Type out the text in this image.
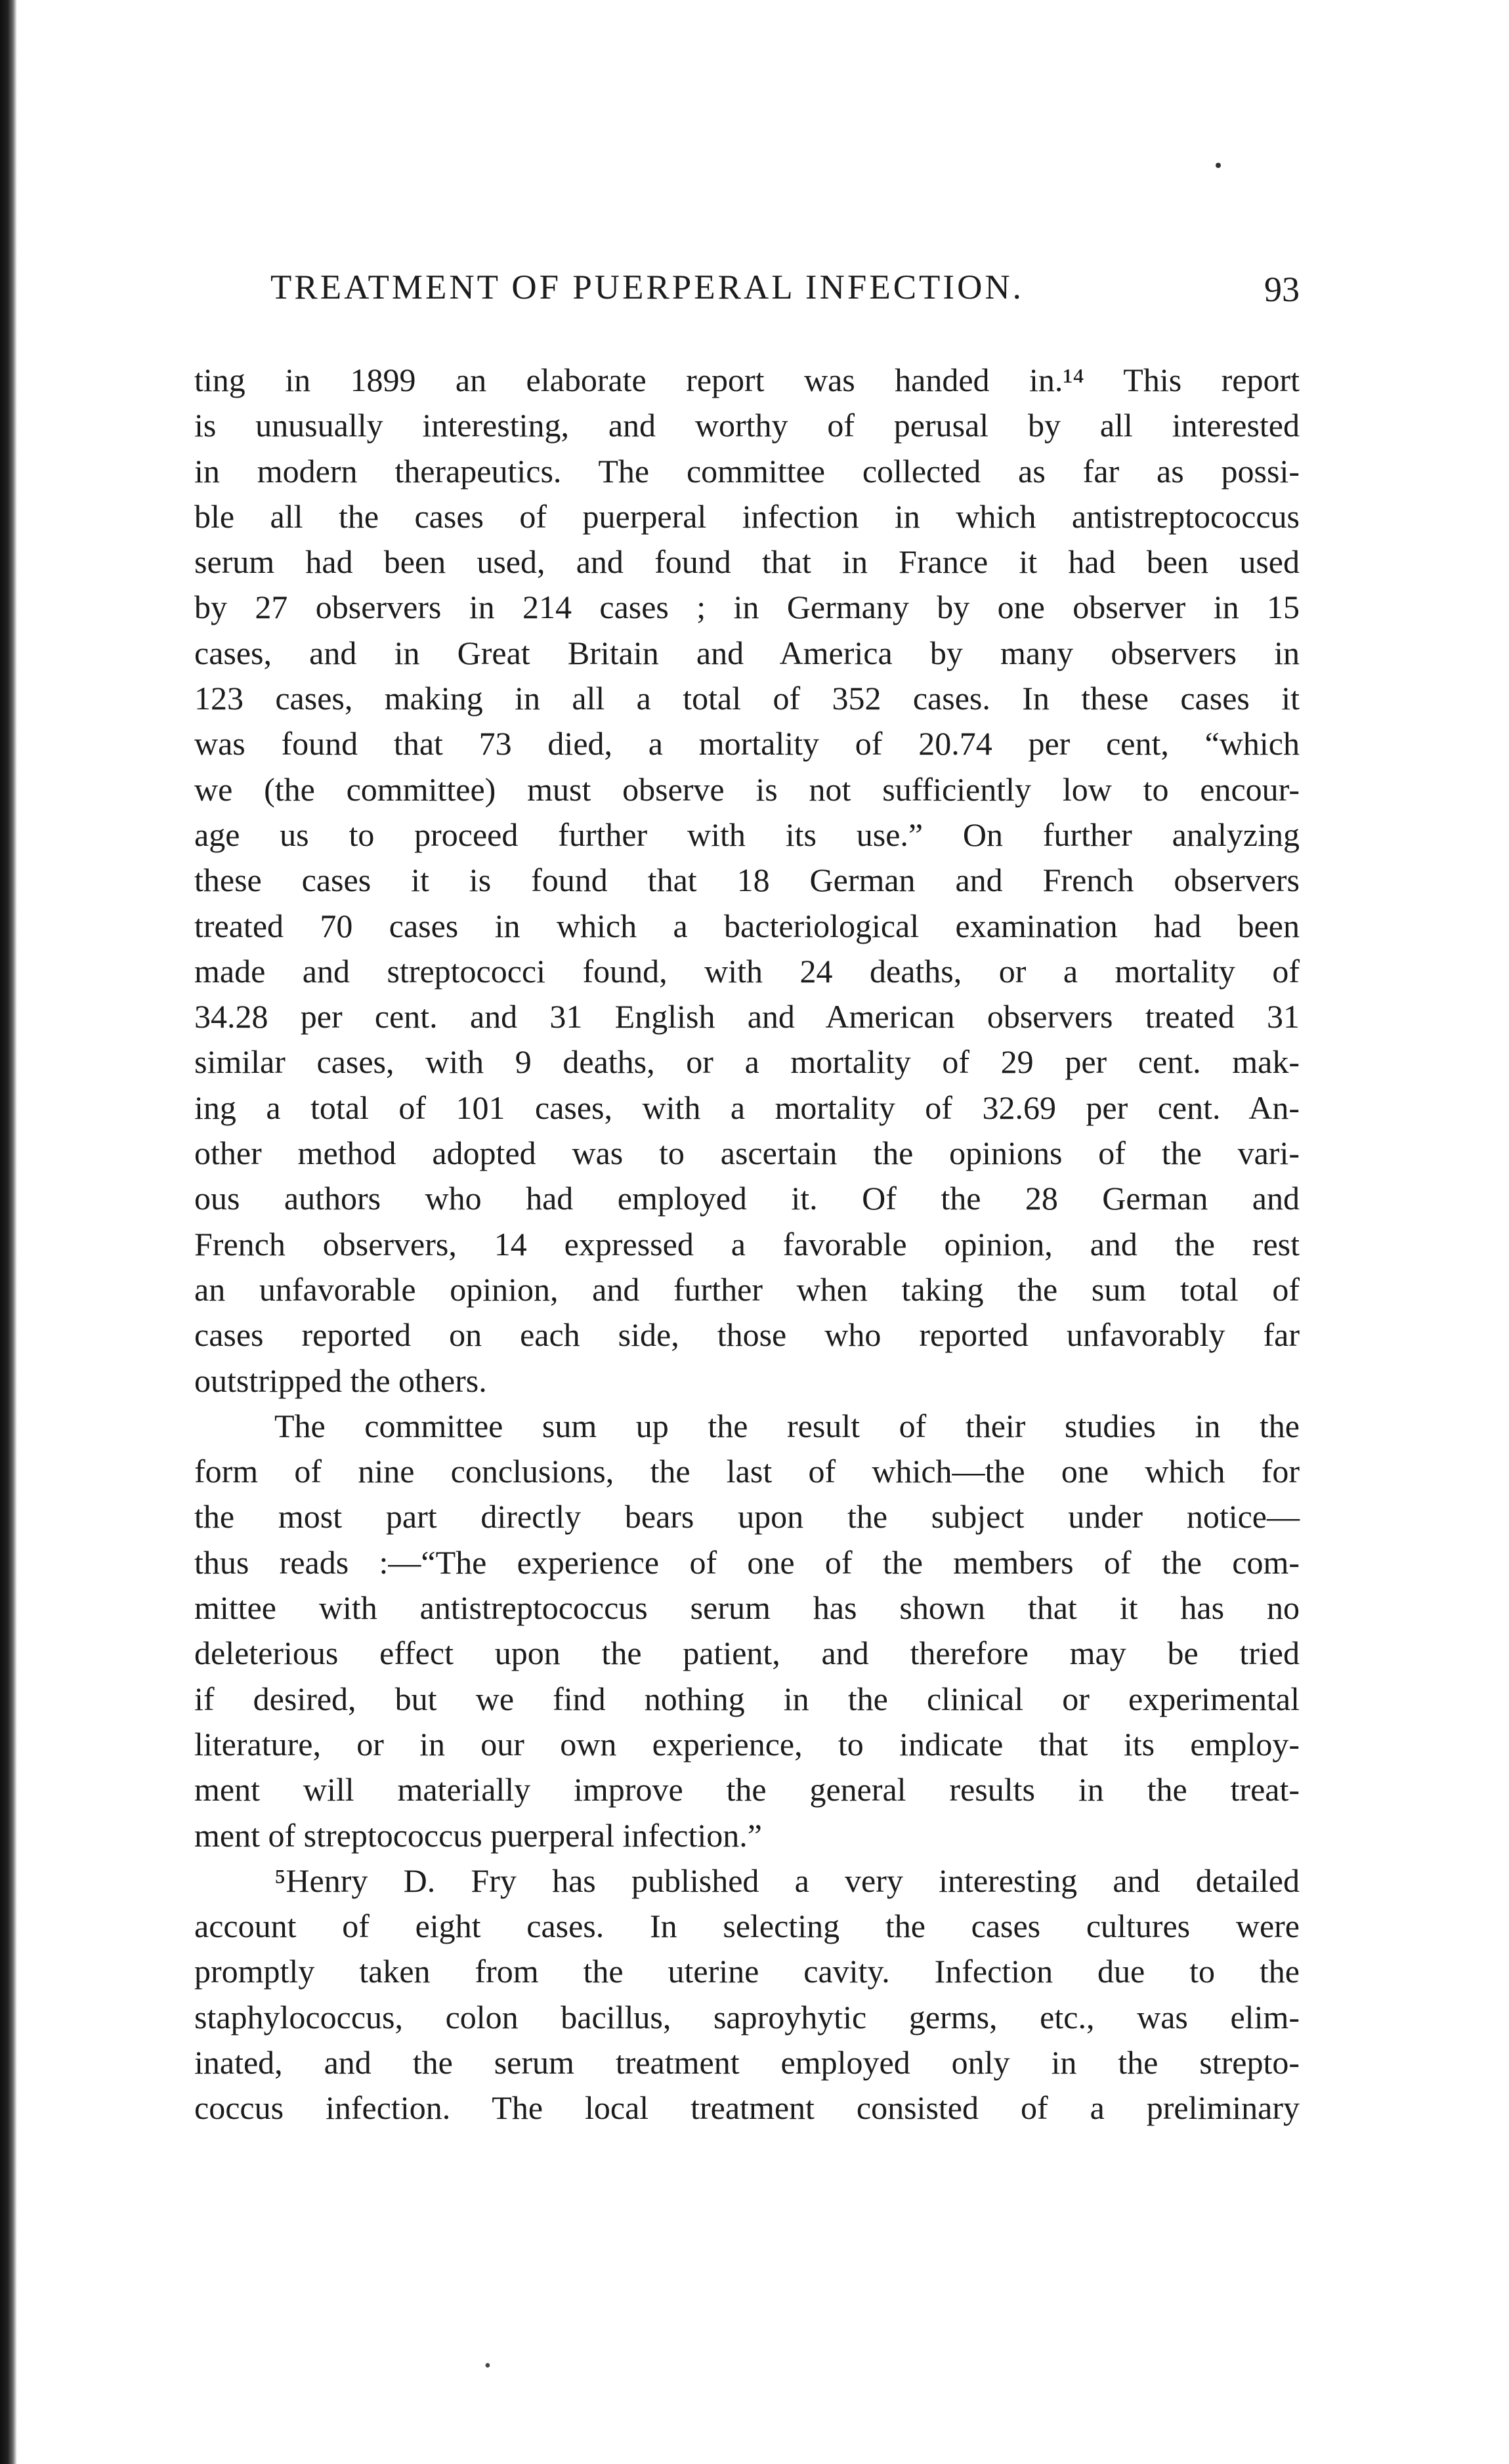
TREATMENT OF PUERPERAL INFECTION.	93
ting in 1899 an elaborate report was handed in.¹⁴ This report
is unusually interesting, and worthy of perusal by all interested
in modern therapeutics. The committee collected as far as possi-
ble all the cases of puerperal infection in which antistreptococcus
serum had been used, and found that in France it had been used
by 27 observers in 214 cases ; in Germany by one observer in 15
cases, and in Great Britain and America by many observers in
123 cases, making in all a total of 352 cases. In these cases it
was found that 73 died, a mortality of 20.74 per cent, “which
we (the committee) must observe is not sufficiently low to encour-
age us to proceed further with its use.” On further analyzing
these cases it is found that 18 German and French observers
treated 70 cases in which a bacteriological examination had been
made and streptococci found, with 24 deaths, or a mortality of
34.28 per cent. and 31 English and American observers treated 31
similar cases, with 9 deaths, or a mortality of 29 per cent. mak-
ing a total of 101 cases, with a mortality of 32.69 per cent. An-
other method adopted was to ascertain the opinions of the vari-
ous authors who had employed it. Of the 28 German and
French observers, 14 expressed a favorable opinion, and the rest
an unfavorable opinion, and further when taking the sum total of
cases reported on each side, those who reported unfavorably far
outstripped the others.
The committee sum up the result of their studies in the
form of nine conclusions, the last of which—the one which for
the most part directly bears upon the subject under notice—
thus reads :—“The experience of one of the members of the com-
mittee with antistreptococcus serum has shown that it has no
deleterious effect upon the patient, and therefore may be tried
if desired, but we find nothing in the clinical or experimental
literature, or in our own experience, to indicate that its employ-
ment will materially improve the general results in the treat-
ment of streptococcus puerperal infection.”
⁵Henry D. Fry has published a very interesting and detailed
account of eight cases. In selecting the cases cultures were
promptly taken from the uterine cavity. Infection due to the
staphylococcus, colon bacillus, saproyhytic germs, etc., was elim-
inated, and the serum treatment employed only in the strepto-
coccus infection. The local treatment consisted of a preliminary
•
